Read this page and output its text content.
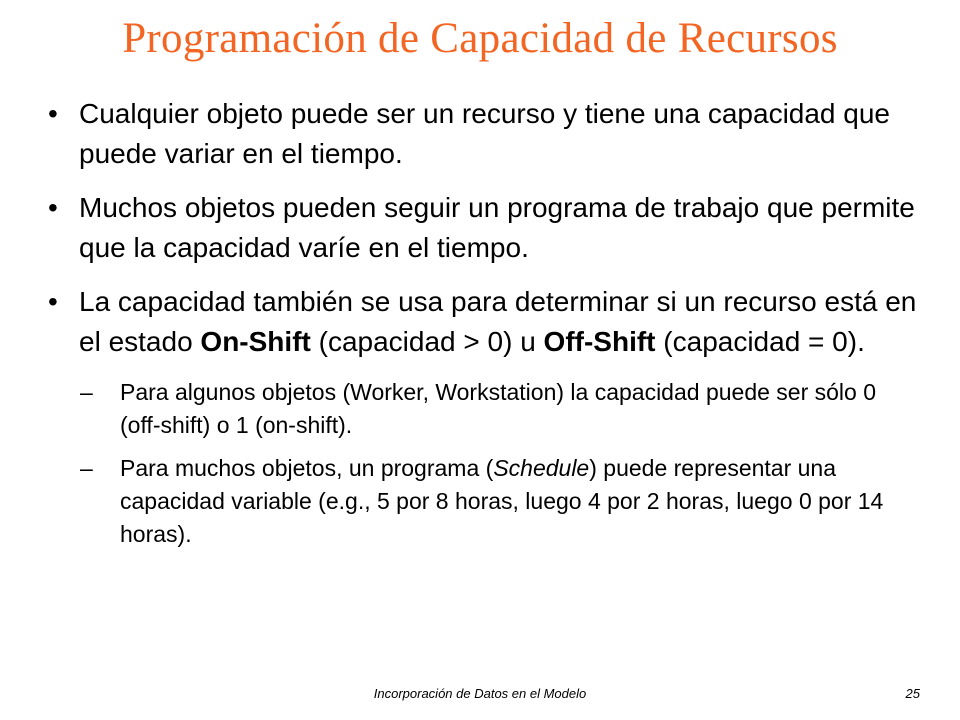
Programación de Capacidad de Recursos
• Cualquier objeto puede ser un recurso y tiene una capacidad que puede variar en el tiempo.
• Muchos objetos pueden seguir un programa de trabajo que permite que la capacidad varíe en el tiempo.
• La capacidad también se usa para determinar si un recurso está en el estado On-Shift (capacidad > 0) u Off-Shift (capacidad = 0).
– Para algunos objetos (Worker, Workstation) la capacidad puede ser sólo 0 (off-shift) o 1 (on-shift).
– Para muchos objetos, un programa (Schedule) puede representar una capacidad variable (e.g., 5 por 8 horas, luego 4 por 2 horas, luego 0 por 14 horas).
Incorporación de Datos en el Modelo	25
